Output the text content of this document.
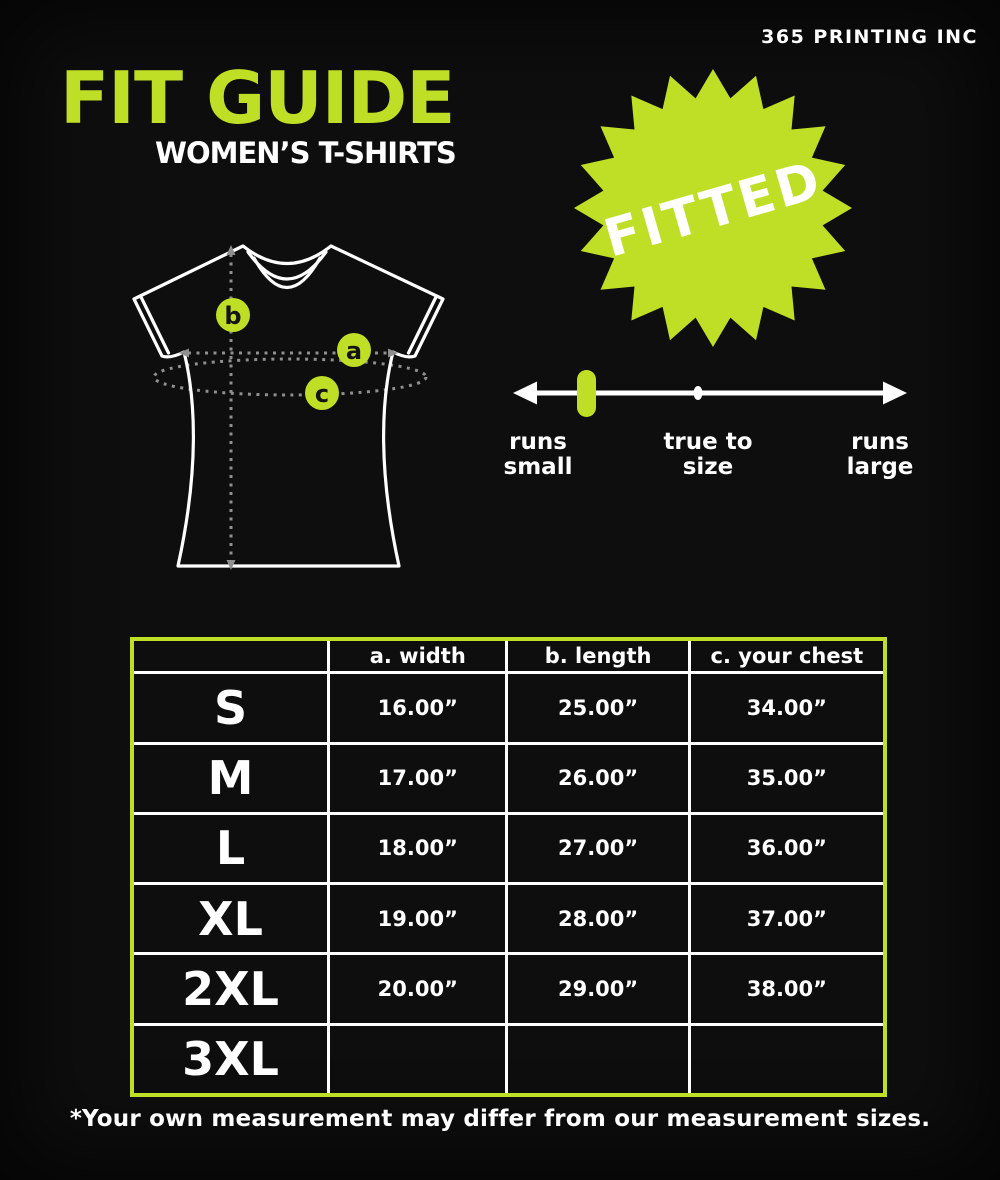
365 PRINTING INC
FIT GUIDE
WOMEN’S T-SHIRTS
b
a
c
FITTED
runs
small
true to
size
runs
large
	a. width	b. length	c. your chest
S	16.00”	25.00”	34.00”
M	17.00”	26.00”	35.00”
L	18.00”	27.00”	36.00”
XL	19.00”	28.00”	37.00”
2XL	20.00”	29.00”	38.00”
3XL			
*Your own measurement may differ from our measurement sizes.
